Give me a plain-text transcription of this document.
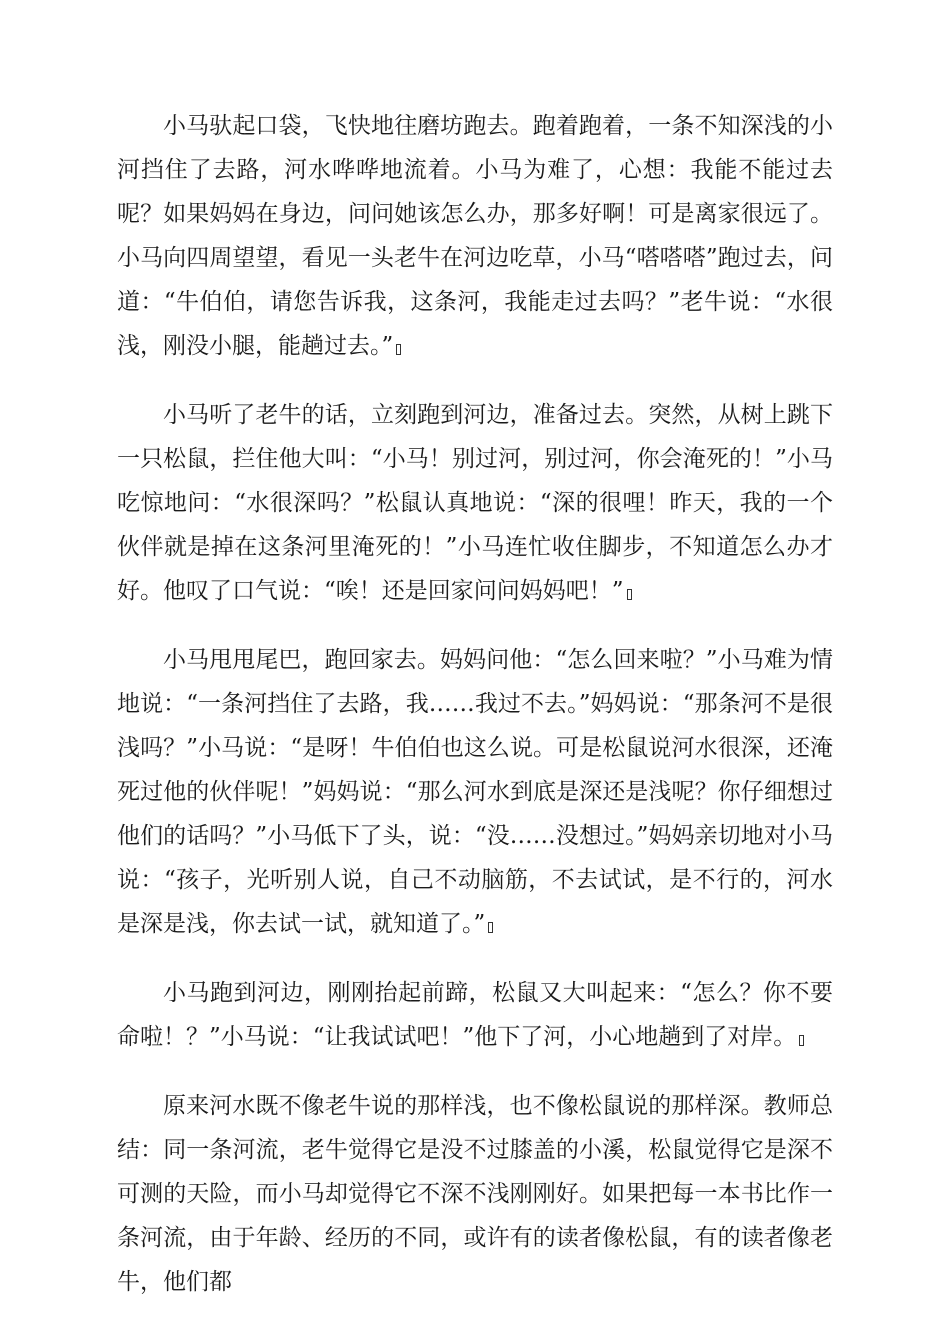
小马驮起口袋，飞快地往磨坊跑去。跑着跑着，一条不知深浅的小河挡住了去路，河水哗哗地流着。小马为难了，心想：我能不能过去呢？如果妈妈在身边，问问她该怎么办，那多好啊！可是离家很远了。小马向四周望望，看见一头老牛在河边吃草，小马“嗒嗒嗒”跑过去，问道：“牛伯伯，请您告诉我，这条河，我能走过去吗？”老牛说：“水很浅，刚没小腿，能趟过去。”

小马听了老牛的话，立刻跑到河边，准备过去。突然，从树上跳下一只松鼠，拦住他大叫：“小马！别过河，别过河，你会淹死的！”小马吃惊地问：“水很深吗？”松鼠认真地说：“深的很哩！昨天，我的一个伙伴就是掉在这条河里淹死的！”小马连忙收住脚步，不知道怎么办才好。他叹了口气说：“唉！还是回家问问妈妈吧！”

小马甩甩尾巴，跑回家去。妈妈问他：“怎么回来啦？”小马难为情地说：“一条河挡住了去路，我……我过不去。”妈妈说：“那条河不是很浅吗？”小马说：“是呀！牛伯伯也这么说。可是松鼠说河水很深，还淹死过他的伙伴呢！”妈妈说：“那么河水到底是深还是浅呢？你仔细想过他们的话吗？”小马低下了头，说：“没……没想过。”妈妈亲切地对小马说：“孩子，光听别人说，自己不动脑筋，不去试试，是不行的，河水是深是浅，你去试一试，就知道了。”

小马跑到河边，刚刚抬起前蹄，松鼠又大叫起来：“怎么？你不要命啦！？”小马说：“让我试试吧！”他下了河，小心地趟到了对岸。

原来河水既不像老牛说的那样浅，也不像松鼠说的那样深。教师总结：同一条河流，老牛觉得它是没不过膝盖的小溪，松鼠觉得它是深不可测的天险，而小马却觉得它不深不浅刚刚好。如果把每一本书比作一条河流，由于年龄、经历的不同，或许有的读者像松鼠，有的读者像老牛，他们都
